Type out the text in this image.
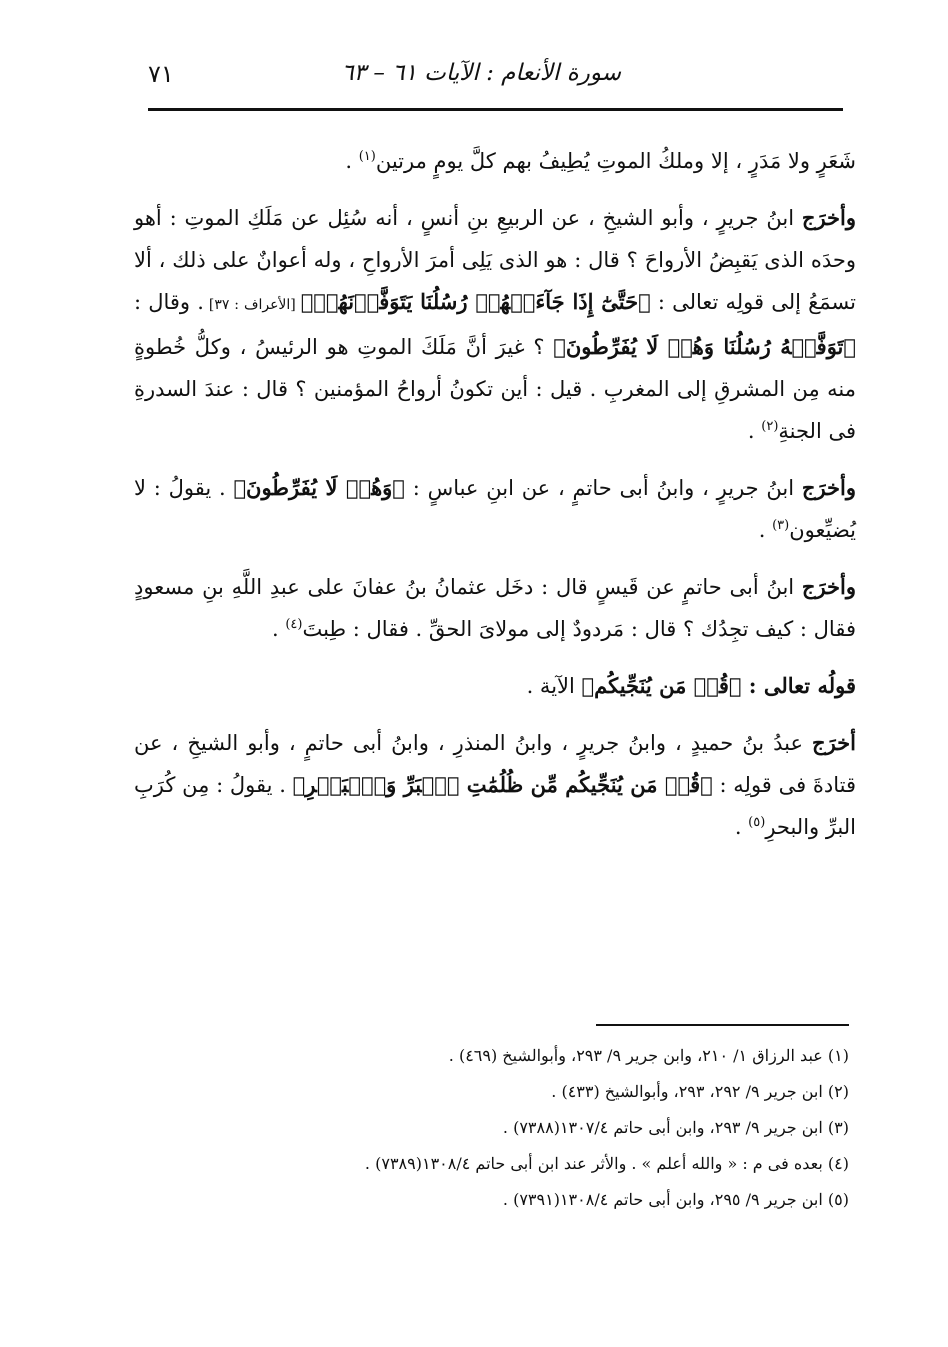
سورة الأنعام : الآيات ٦١ – ٦٣
٧١

شَعَرٍ ولا مَدَرٍ ، إلا وملكُ الموتِ يُطِيفُ بهم كلَّ يومٍ مرتين$^{(١)}$ .

وأخرَج ابنُ جريرٍ ، وأبو الشيخِ ، عن الربيعِ بنِ أنسٍ ، أنه سُئِل عن مَلَكِ الموتِ : أهو وحدَه الذى يَقبِضُ الأرواحَ ؟ قال : هو الذى يَلِى أمرَ الأرواحِ ، وله أعوانٌ على ذلك ، ألا تسمَعُ إلى قولِه تعالى : ﴿حَتَّىٰٓ إِذَا جَآءَتۡهُمۡ رُسُلُنَا يَتَوَفَّوۡنَهُمۡ﴾ [الأعراف : ٣٧] . وقال : ﴿تَوَفَّتۡهُ رُسُلُنَا وَهُمۡ لَا يُفَرِّطُونَ﴾ ؟ غيرَ أنَّ مَلَكَ الموتِ هو الرئيسُ ، وكلُّ خُطوةٍ منه مِن المشرقِ إلى المغربِ . قيل : أين تكونُ أرواحُ المؤمنين ؟ قال : عندَ السدرةِ فى الجنةِ$^{(٢)}$ .

وأخرَج ابنُ جريرٍ ، وابنُ أبى حاتمٍ ، عن ابنِ عباسٍ : ﴿وَهُمۡ لَا يُفَرِّطُونَ﴾ . يقولُ : لا يُضيِّعون$^{(٣)}$ .

وأخرَج ابنُ أبى حاتمٍ عن قَيسٍ قال : دخَل عثمانُ بنُ عفانَ على عبدِ اللَّهِ بنِ مسعودٍ فقال : كيف تجِدُك ؟ قال : مَردودٌ إلى مولاىَ الحقِّ . فقال : طِبتَ$^{(٤)}$ .

قولُه تعالى : ﴿قُلۡ مَن يُنَجِّيكُم﴾ الآية .

أخرَج عبدُ بنُ حميدٍ ، وابنُ جريرٍ ، وابنُ المنذرِ ، وابنُ أبى حاتمٍ ، وأبو الشيخِ ، عن قتادةَ فى قولِه : ﴿قُلۡ مَن يُنَجِّيكُم مِّن ظُلُمَٰتِ ٱلۡبَرِّ وَٱلۡبَحۡرِ﴾ . يقولُ : مِن كُرَبِ البرِّ والبحرِ$^{(٥)}$ .

(١) عبد الرزاق ١/ ٢١٠، وابن جرير ٩/ ٢٩٣، وأبوالشيخ (٤٦٩) .
(٢) ابن جرير ٩/ ٢٩٢، ٢٩٣، وأبوالشيخ (٤٣٣) .
(٣) ابن جرير ٩/ ٢٩٣، وابن أبى حاتم ١٣٠٧/٤(٧٣٨٨) .
(٤) بعده فى م : « والله أعلم » . والأثر عند ابن أبى حاتم ١٣٠٨/٤(٧٣٨٩) .
(٥) ابن جرير ٩/ ٢٩٥، وابن أبى حاتم ١٣٠٨/٤(٧٣٩١) .
